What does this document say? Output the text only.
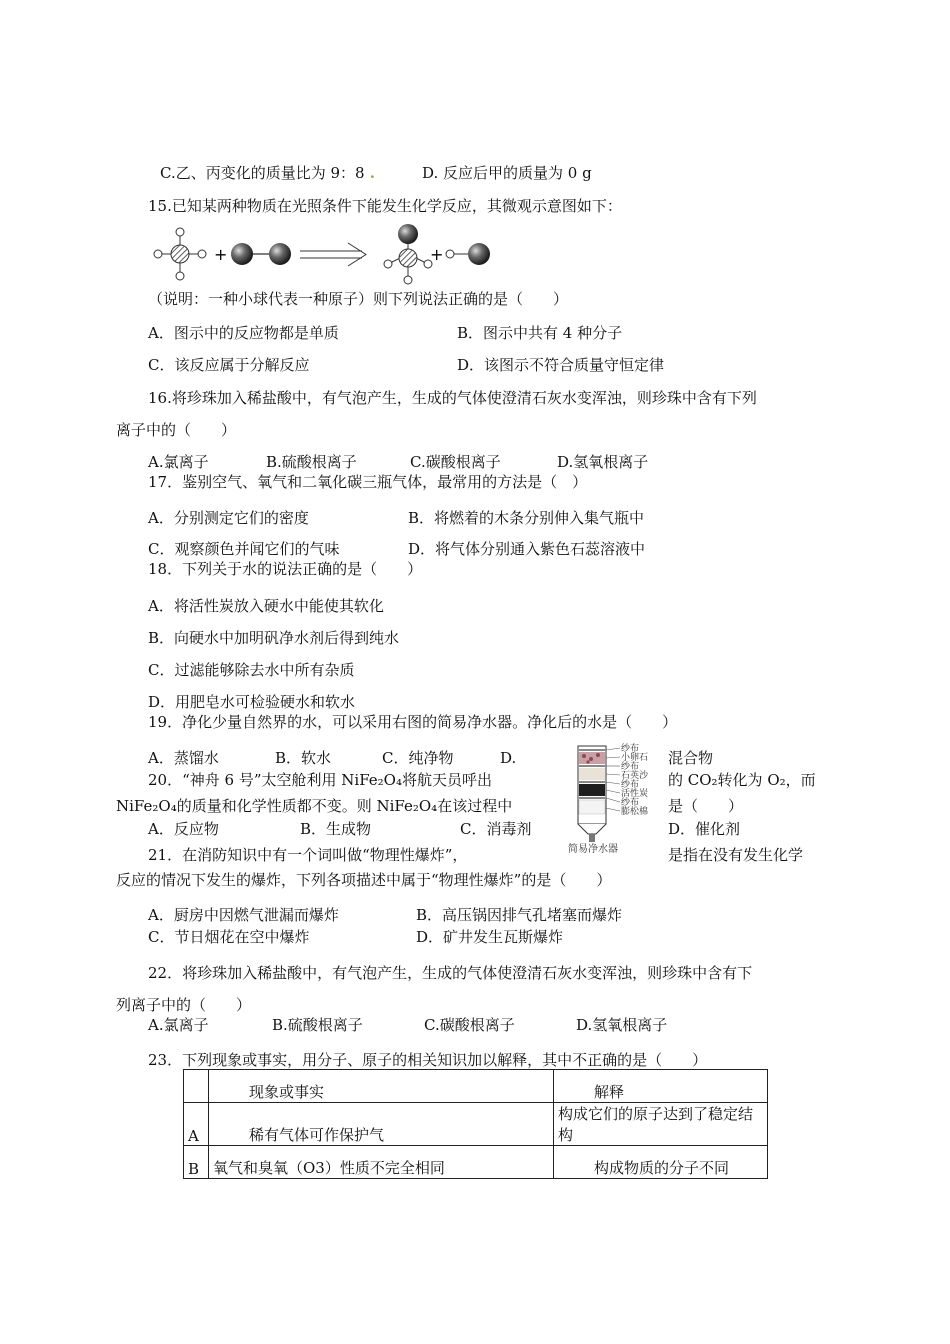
C.乙、丙变化的质量比为 9：8 .	D. 反应后甲的质量为 0 g
15.已知某两种物质在光照条件下能发生化学反应，其微观示意图如下：
+	+
（说明：一种小球代表一种原子）则下列说法正确的是（　　）
A．图示中的反应物都是单质	B．图示中共有 4 种分子
C．该反应属于分解反应	D．该图示不符合质量守恒定律
16.将珍珠加入稀盐酸中，有气泡产生，生成的气体使澄清石灰水变浑浊，则珍珠中含有下列
离子中的（　　）
A.氯离子	B.硫酸根离子	C.碳酸根离子	D.氢氧根离子
17．鉴别空气、氧气和二氧化碳三瓶气体，最常用的方法是（　）
A．分别测定它们的密度	B．将燃着的木条分别伸入集气瓶中
C．观察颜色并闻它们的气味	D．将气体分别通入紫色石蕊溶液中
18．下列关于水的说法正确的是（　　）
A．将活性炭放入硬水中能使其软化
B．向硬水中加明矾净水剂后得到纯水
C．过滤能够除去水中所有杂质
D．用肥皂水可检验硬水和软水
19．净化少量自然界的水，可以采用右图的简易净水器。净化后的水是（　　）
A．蒸馏水	B．软水	C．纯净物	D.	混合物
纱布
小卵石
纱布
石英沙
纱布
活性炭
纱布
膨松棉
简易净水器
20．“神舟 6 号”太空舱利用 NiFe₂O₄将航天员呼出	的 CO₂转化为 O₂，而
NiFe₂O₄的质量和化学性质都不变。则 NiFe₂O₄在该过程中	是（　　）
A．反应物	B．生成物	C．消毒剂	D．催化剂
21．在消防知识中有一个词叫做“物理性爆炸”，	是指在没有发生化学
反应的情况下发生的爆炸，下列各项描述中属于“物理性爆炸”的是（　　）
A．厨房中因燃气泄漏而爆炸	B．高压锅因排气孔堵塞而爆炸
C．节日烟花在空中爆炸	D．矿井发生瓦斯爆炸
22．将珍珠加入稀盐酸中，有气泡产生，生成的气体使澄清石灰水变浑浊，则珍珠中含有下
列离子中的（　　）
A.氯离子	B.硫酸根离子	C.碳酸根离子	D.氢氧根离子
23．下列现象或事实，用分子、原子的相关知识加以解释，其中不正确的是（　　）
	现象或事实	解释
A	稀有气体可作保护气	构成它们的原子达到了稳定结构
B	氧气和臭氧（O3）性质不完全相同	构成物质的分子不同
